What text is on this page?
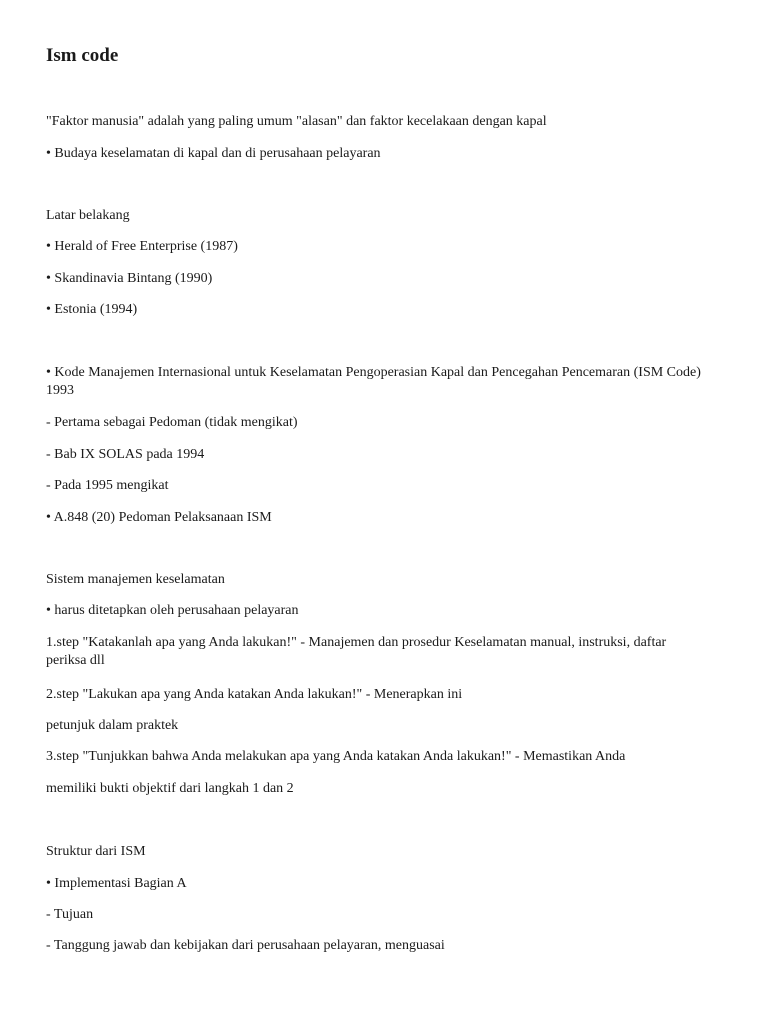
Ism code

"Faktor manusia" adalah yang paling umum "alasan" dan faktor kecelakaan dengan kapal

• Budaya keselamatan di kapal dan di perusahaan pelayaran

Latar belakang

• Herald of Free Enterprise (1987)

• Skandinavia Bintang (1990)

• Estonia (1994)

• Kode Manajemen Internasional untuk Keselamatan Pengoperasian Kapal dan Pencegahan Pencemaran (ISM Code) 1993

- Pertama sebagai Pedoman (tidak mengikat)

- Bab IX SOLAS pada 1994

- Pada 1995 mengikat

• A.848 (20) Pedoman Pelaksanaan ISM

Sistem manajemen keselamatan

• harus ditetapkan oleh perusahaan pelayaran

1.step "Katakanlah apa yang Anda lakukan!" - Manajemen dan prosedur Keselamatan manual, instruksi, daftar periksa dll

2.step "Lakukan apa yang Anda katakan Anda lakukan!" - Menerapkan ini

petunjuk dalam praktek

3.step "Tunjukkan bahwa Anda melakukan apa yang Anda katakan Anda lakukan!" - Memastikan Anda

memiliki bukti objektif dari langkah 1 dan 2

Struktur dari ISM

• Implementasi Bagian A

- Tujuan

- Tanggung jawab dan kebijakan dari perusahaan pelayaran, menguasai
